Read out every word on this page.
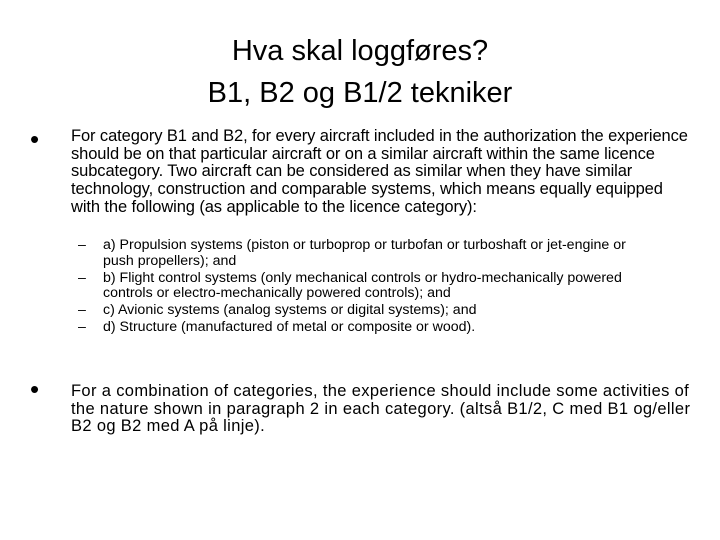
Hva skal loggføres?
B1, B2 og B1/2 tekniker
• For category B1 and B2, for every aircraft included in the authorization the experience should be on that particular aircraft or on a similar aircraft within the same licence subcategory. Two aircraft can be considered as similar when they have similar technology, construction and comparable systems, which means equally equipped with the following (as applicable to the licence category):
– a) Propulsion systems (piston or turboprop or turbofan or turboshaft or jet-engine or push propellers); and
– b) Flight control systems (only mechanical controls or hydro-mechanically powered controls or electro-mechanically powered controls); and
– c) Avionic systems (analog systems or digital systems); and
– d) Structure (manufactured of metal or composite or wood).
• For a combination of categories, the experience should include some activities of the nature shown in paragraph 2 in each category. (altså B1/2, C med B1 og/eller B2 og B2 med A på linje).
